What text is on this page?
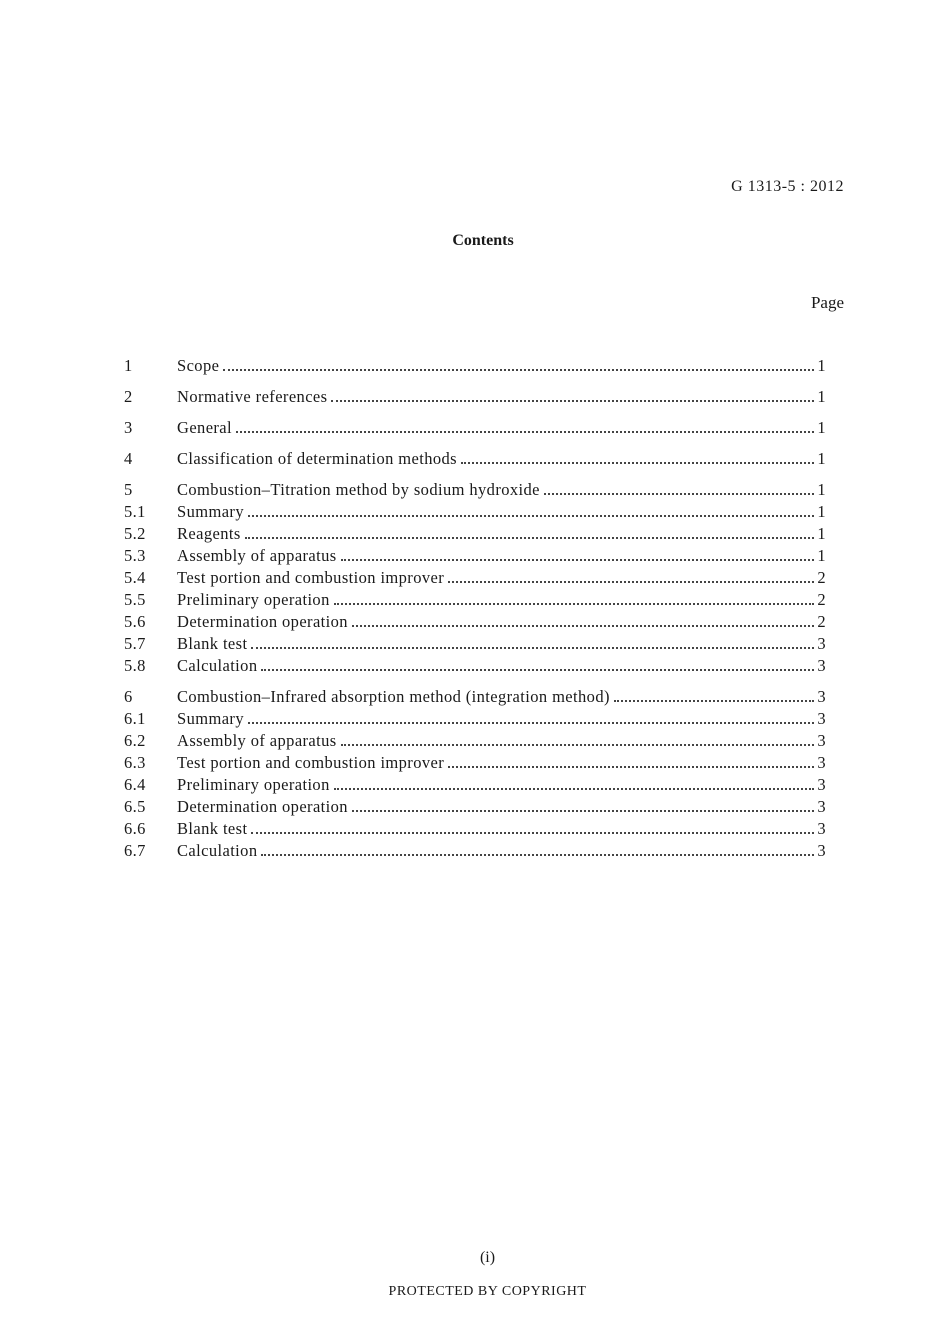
G 1313-5 : 2012
Contents
Page
1	Scope	1
2	Normative references	1
3	General	1
4	Classification of determination methods	1
5	Combustion–Titration method by sodium hydroxide	1
5.1	Summary	1
5.2	Reagents	1
5.3	Assembly of apparatus	1
5.4	Test portion and combustion improver	2
5.5	Preliminary operation	2
5.6	Determination operation	2
5.7	Blank test	3
5.8	Calculation	3
6	Combustion–Infrared absorption method (integration method)	3
6.1	Summary	3
6.2	Assembly of apparatus	3
6.3	Test portion and combustion improver	3
6.4	Preliminary operation	3
6.5	Determination operation	3
6.6	Blank test	3
6.7	Calculation	3
(i)
PROTECTED BY COPYRIGHT
